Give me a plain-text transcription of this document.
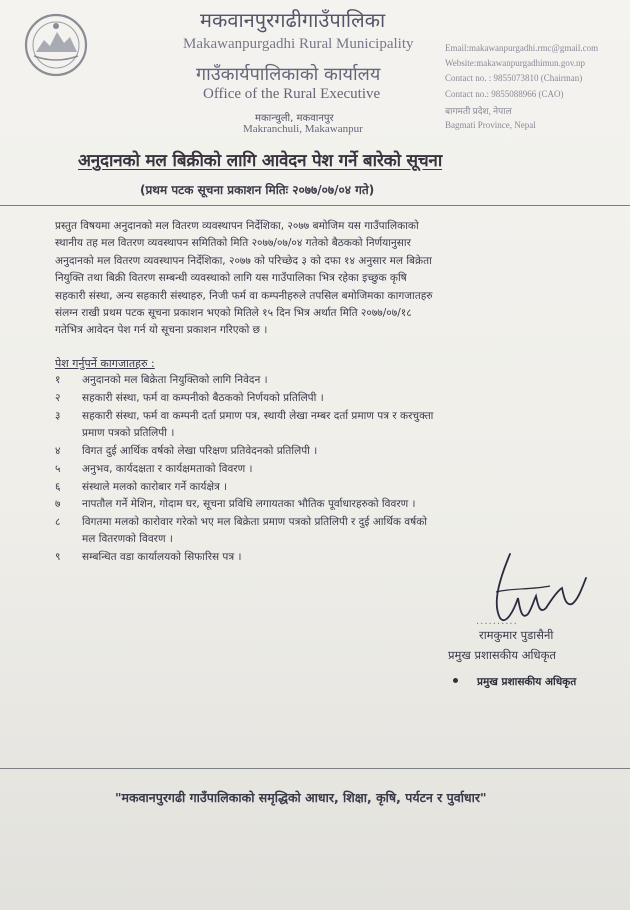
मकवानपुरगढीगाउँपालिका
Makawanpurgadhi Rural Municipality
गाउँकार्यपालिकाको कार्यालय
Office of the Rural Executive
मकान्चुली, मकवानपुर
Makranchuli, Makawanpur
Email:makawanpurgadhi.rmc@gmail.com
Website:makawanpurgadhimun.gov.np
Contact no. : 9855073810 (Chairman)
Contact no.: 9855088966 (CAO)
बागमती प्रदेश, नेपाल
Bagmati Province, Nepal
अनुदानको मल बिक्रीको लागि आवेदन पेश गर्ने बारेको सूचना
(प्रथम पटक सूचना प्रकाशन मितिः २०७७/०७/०४ गते)
प्रस्तुत विषयमा अनुदानको मल वितरण व्यवस्थापन निर्देशिका, २०७७ बमोजिम यस गाउँपालिकाको
स्थानीय तह मल वितरण व्यवस्थापन समितिको मिति २०७७/०७/०४ गतेको बैठकको निर्णयानुसार
अनुदानको मल वितरण व्यवस्थापन निर्देशिका, २०७७ को परिच्छेद ३ को दफा १४ अनुसार मल बिक्रेता
नियुक्ति तथा बिक्री वितरण सम्बन्धी व्यवस्थाको लागि यस गाउँपालिका भित्र रहेका इच्छुक कृषि
सहकारी संस्था, अन्य सहकारी संस्थाहरु, निजी फर्म वा कम्पनीहरुले तपसिल बमोजिमका कागजातहरु
संलग्न राखी प्रथम पटक सूचना प्रकाशन भएको मितिले १५ दिन भित्र अर्थात मिति २०७७/०७/१८
गतेभित्र आवेदन पेश गर्न यो सूचना प्रकाशन गरिएको छ ।
पेश गर्नुपर्ने कागजातहरु :
१ अनुदानको मल बिक्रेता नियुक्तिको लागि निवेदन ।
२ सहकारी संस्था, फर्म वा कम्पनीको बैठकको निर्णयको प्रतिलिपी ।
३ सहकारी संस्था, फर्म वा कम्पनी दर्ता प्रमाण पत्र, स्थायी लेखा नम्बर दर्ता प्रमाण पत्र र करचुक्ता
प्रमाण पत्रको प्रतिलिपी ।
४ विगत दुई आर्थिक वर्षको लेखा परिक्षण प्रतिवेदनको प्रतिलिपी ।
५ अनुभव, कार्यदक्षता र कार्यक्षमताको विवरण ।
६ संस्थाले मलको कारोबार गर्ने कार्यक्षेत्र ।
७ नापतौल गर्ने मेशिन, गोदाम घर, सूचना प्रविधि लगायतका भौतिक पूर्वाधारहरुको विवरण ।
८ विगतमा मलको कारोवार गरेको भए मल बिक्रेता प्रमाण पत्रको प्रतिलिपी र दुई आर्थिक वर्षको
मल वितरणको विवरण ।
९ सम्बन्धित वडा कार्यालयको सिफारिस पत्र ।
..........
रामकुमार पुडासैनी
प्रमुख प्रशासकीय अधिकृत
प्रमुख प्रशासकीय अधिकृत
"मकवानपुरगढी गाउँपालिकाको समृद्धिको आधार, शिक्षा, कृषि, पर्यटन र पुर्वाधार"
